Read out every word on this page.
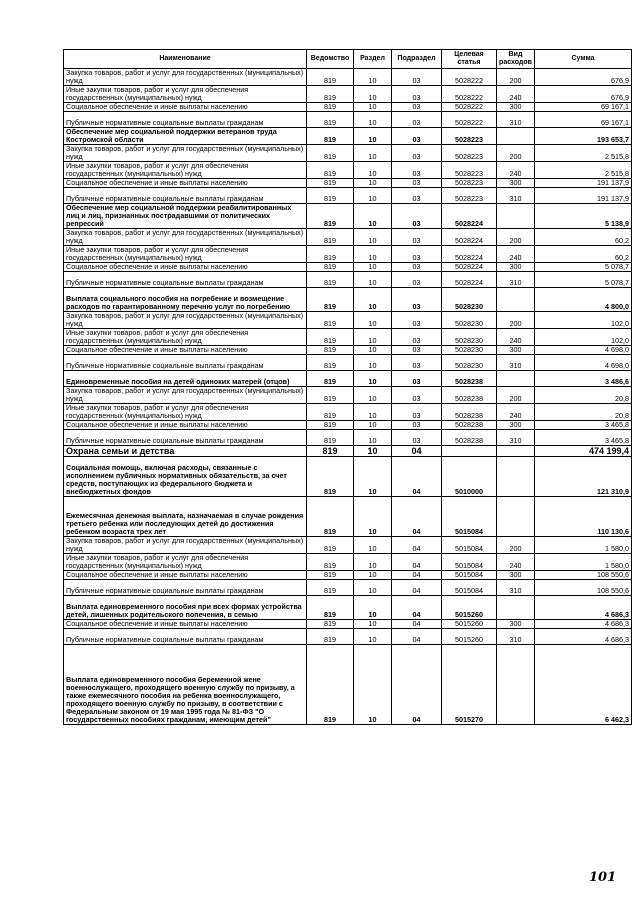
Наименование	Ведомство	Раздел	Подраздел	Целевая статья	Вид расходов	Сумма
Закупка товаров, работ и услуг для государственных (муниципальных) нужд	819	10	03	5028222	200	676,9
Иные закупки товаров, работ и услуг для обеспечения государственных (муниципальных) нужд	819	10	03	5028222	240	676,9
Социальное обеспечение и иные выплаты населению	819	10	03	5028222	300	69 167,1
Публичные нормативные социальные выплаты гражданам	819	10	03	5028222	310	69 167,1
Обеспечение мер социальной поддержки ветеранов труда Костромской области	819	10	03	5028223		193 653,7
Закупка товаров, работ и услуг для государственных (муниципальных) нужд	819	10	03	5028223	200	2 515,8
Иные закупки товаров, работ и услуг для обеспечения государственных (муниципальных) нужд	819	10	03	5028223	240	2 515,8
Социальное обеспечение и иные выплаты населению	819	10	03	5028223	300	191 137,9
Публичные нормативные социальные выплаты гражданам	819	10	03	5028223	310	191 137,9
Обеспечение мер социальной поддержки реабилитированных лиц и лиц, признанных пострадавшими от политических репрессий	819	10	03	5028224		5 138,9
Закупка товаров, работ и услуг для государственных (муниципальных) нужд	819	10	03	5028224	200	60,2
Иные закупки товаров, работ и услуг для обеспечения государственных (муниципальных) нужд	819	10	03	5028224	240	60,2
Социальное обеспечение и иные выплаты населению	819	10	03	5028224	300	5 078,7
Публичные нормативные социальные выплаты гражданам	819	10	03	5028224	310	5 078,7
Выплата социального пособия на погребение и возмещение расходов по гарантированному перечню услуг по погребению	819	10	03	5028230		4 800,0
Закупка товаров, работ и услуг для государственных (муниципальных) нужд	819	10	03	5028230	200	102,0
Иные закупки товаров, работ и услуг для обеспечения государственных (муниципальных) нужд	819	10	03	5028230	240	102,0
Социальное обеспечение и иные выплаты населению	819	10	03	5028230	300	4 698,0
Публичные нормативные социальные выплаты гражданам	819	10	03	5028230	310	4 698,0
Единовременные пособия на детей одиноких матерей (отцов)	819	10	03	5028238		3 486,6
Закупка товаров, работ и услуг для государственных (муниципальных) нужд	819	10	03	5028238	200	20,8
Иные закупки товаров, работ и услуг для обеспечения государственных (муниципальных) нужд	819	10	03	5028238	240	20,8
Социальное обеспечение и иные выплаты населению	819	10	03	5028238	300	3 465,8
Публичные нормативные социальные выплаты гражданам	819	10	03	5028238	310	3 465,8
Охрана семьи и детства	819	10	04			474 199,4
Социальная помощь, включая расходы, связанные с исполнением публичных нормативных обязательств, за счет средств, поступающих из федерального бюджета и внебюджетных фондов	819	10	04	5010000		121 310,9
Ежемесячная денежная выплата, назначаемая в случае рождения третьего ребенка или последующих детей до достижения ребенком возраста трех лет	819	10	04	5015084		110 130,6
Закупка товаров, работ и услуг для государственных (муниципальных) нужд	819	10	04	5015084	200	1 580,0
Иные закупки товаров, работ и услуг для обеспечения государственных (муниципальных) нужд	819	10	04	5015084	240	1 580,0
Социальное обеспечение и иные выплаты населению	819	10	04	5015084	300	108 550,6
Публичные нормативные социальные выплаты гражданам	819	10	04	5015084	310	108 550,6
Выплата единовременного пособия при всех формах устройства детей, лишенных родительского попечения, в семью	819	10	04	5015260		4 686,3
Социальное обеспечение и иные выплаты населению	819	10	04	5015260	300	4 686,3
Публичные нормативные социальные выплаты гражданам	819	10	04	5015260	310	4 686,3
Выплата единовременного пособия беременной жене военнослужащего, проходящего военную службу по призыву, а также ежемесячного пособия на ребенка военнослужащего, проходящего военную службу по призыву, в соответствии с Федеральным законом от 19 мая 1995 года № 81-ФЗ "О государственных пособиях гражданам, имеющим детей"	819	10	04	5015270		6 462,3
101
